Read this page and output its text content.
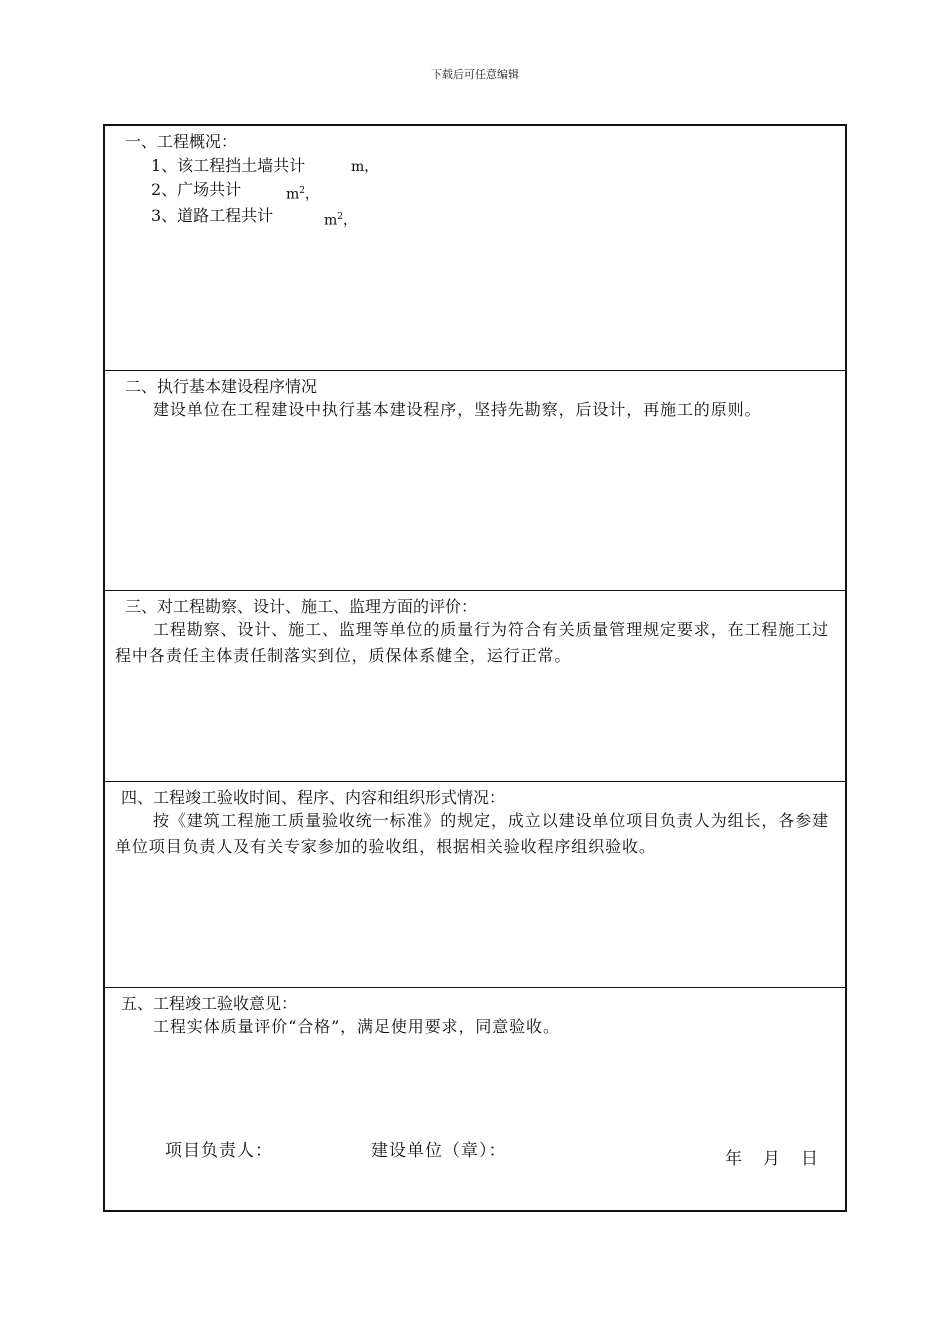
下载后可任意编辑
一、工程概况：
1、该工程挡土墙共计	m，
2、广场共计	$m^2$，
3、道路工程共计	$m^2$，
二、执行基本建设程序情况
建设单位在工程建设中执行基本建设程序，坚持先勘察，后设计，再施工的原则。
三、对工程勘察、设计、施工、监理方面的评价：
工程勘察、设计、施工、监理等单位的质量行为符合有关质量管理规定要求，在工程施工过程中各责任主体责任制落实到位，质保体系健全，运行正常。
四、工程竣工验收时间、程序、内容和组织形式情况：
按《建筑工程施工质量验收统一标准》的规定，成立以建设单位项目负责人为组长，各参建单位项目负责人及有关专家参加的验收组，根据相关验收程序组织验收。
五、工程竣工验收意见：
工程实体质量评价“合格”，满足使用要求，同意验收。
项目负责人：	建设单位（章）：	年 月 日
